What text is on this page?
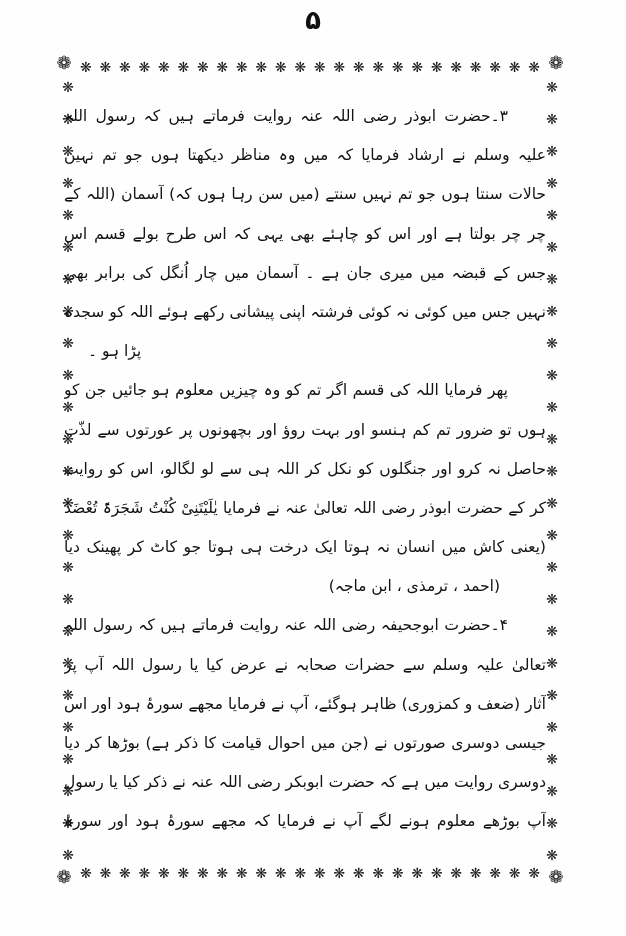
۵
❁	❁
❁	❁
❋ ❋ ❋ ❋ ❋ ❋ ❋ ❋ ❋ ❋ ❋ ❋ ❋ ❋ ❋ ❋ ❋ ❋ ❋ ❋ ❋ ❋ ❋ ❋
❋ ❋ ❋ ❋ ❋ ❋ ❋ ❋ ❋ ❋ ❋ ❋ ❋ ❋ ❋ ❋ ❋ ❋ ❋ ❋ ❋ ❋ ❋ ❋
❋ ❋ ❋ ❋ ❋ ❋ ❋ ❋ ❋ ❋ ❋ ❋ ❋ ❋ ❋ ❋ ❋ ❋ ❋ ❋ ❋ ❋ ❋ ❋ ❋
❋ ❋ ❋ ❋ ❋ ❋ ❋ ❋ ❋ ❋ ❋ ❋ ❋ ❋ ❋ ❋ ❋ ❋ ❋ ❋ ❋ ❋ ❋ ❋ ❋
۳۔حضرت ابوذر رضی اللہ عنہ روایت فرماتے ہیں کہ رسول اللہ
علیہ وسلم نے ارشاد فرمایا کہ میں وہ مناظر دیکھتا ہوں جو تم نہیں
حالات سنتا ہوں جو تم نہیں سنتے (میں سن رہا ہوں کہ) آسمان (اللہ کے
چر چر بولتا ہے اور اس کو چاہئے بھی یہی کہ اس طرح بولے قسم اس
جس کے قبضہ میں میری جان ہے ۔ آسمان میں چار اُنگل کی برابر بھی
نہیں جس میں کوئی نہ کوئی فرشتہ اپنی پیشانی رکھے ہوئے اللہ کو سجدہ
پڑا ہو ۔
پھر فرمایا اللہ کی قسم اگر تم کو وہ چیزیں معلوم ہو جائیں جن کو
ہوں تو ضرور تم کم ہنسو اور بہت روؤ اور بچھونوں پر عورتوں سے لذّت
حاصل نہ کرو اور جنگلوں کو نکل کر اللہ ہی سے لو لگالو، اس کو روایت
کر کے حضرت ابوذر رضی اللہ تعالیٰ عنہ نے فرمایا یٰلَیْتَنِیْ کُنْتُ شَجَرَۃً تُعْضَدُ
(یعنی کاش میں انسان نہ ہوتا ایک درخت ہی ہوتا جو کاٹ کر پھینک دیا
(احمد ، ترمذی ، ابن ماجہ)
۴۔حضرت ابوجحیفہ رضی اللہ عنہ روایت فرماتے ہیں کہ رسول اللہ
تعالیٰ علیہ وسلم سے حضرات صحابہ نے عرض کیا یا رسول اللہ آپ پر
آثار (ضعف و کمزوری) ظاہر ہوگئے، آپ نے فرمایا مجھے سورۂ ہود اور اس
جیسی دوسری صورتوں نے (جن میں احوال قیامت کا ذکر ہے) بوڑھا کر دیا
دوسری روایت میں ہے کہ حضرت ابوبکر رضی اللہ عنہ نے ذکر کیا یا رسول
آپ بوڑھے معلوم ہونے لگے آپ نے فرمایا کہ مجھے سورۂ ہود اور سورۂ
